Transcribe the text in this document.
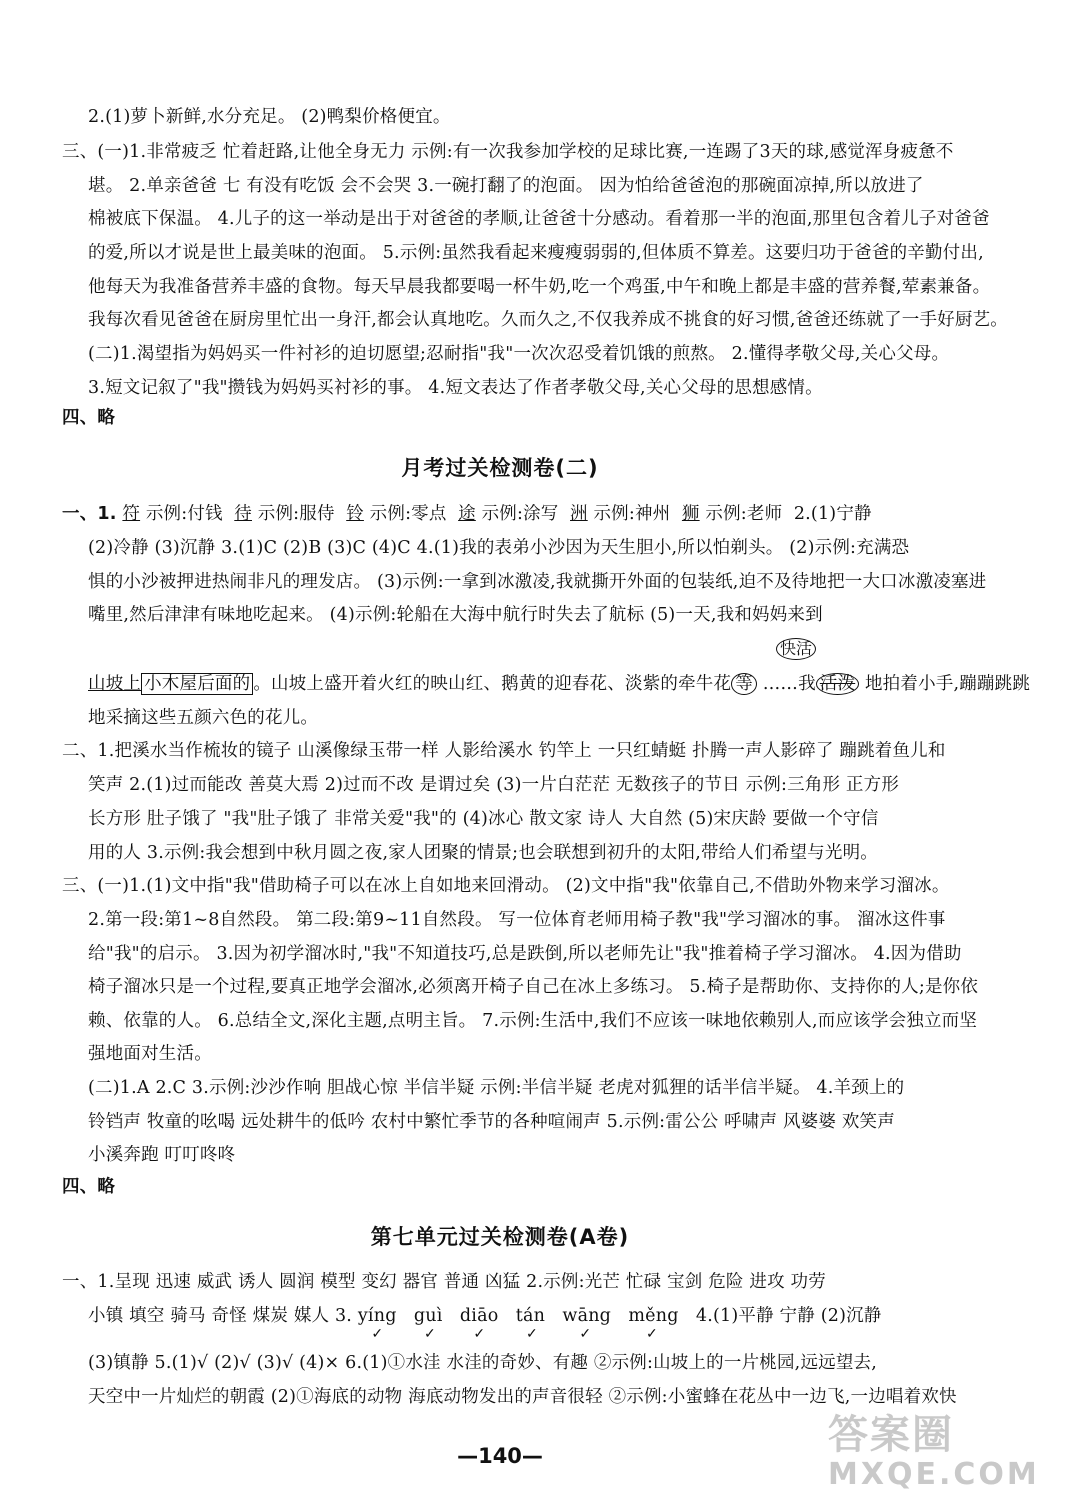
2.(1)萝卜新鲜,水分充足。 (2)鸭梨价格便宜。
三、(一)1.非常疲乏 忙着赶路,让他全身无力 示例:有一次我参加学校的足球比赛,一连踢了3天的球,感觉浑身疲惫不
堪。 2.单亲爸爸 七 有没有吃饭 会不会哭 3.一碗打翻了的泡面。 因为怕给爸爸泡的那碗面凉掉,所以放进了
棉被底下保温。 4.儿子的这一举动是出于对爸爸的孝顺,让爸爸十分感动。看着那一半的泡面,那里包含着儿子对爸爸
的爱,所以才说是世上最美味的泡面。 5.示例:虽然我看起来瘦瘦弱弱的,但体质不算差。这要归功于爸爸的辛勤付出,
他每天为我准备营养丰盛的食物。每天早晨我都要喝一杯牛奶,吃一个鸡蛋,中午和晚上都是丰盛的营养餐,荤素兼备。
我每次看见爸爸在厨房里忙出一身汗,都会认真地吃。久而久之,不仅我养成不挑食的好习惯,爸爸还练就了一手好厨艺。
(二)1.渴望指为妈妈买一件衬衫的迫切愿望;忍耐指"我"一次次忍受着饥饿的煎熬。 2.懂得孝敬父母,关心父母。
3.短文记叙了"我"攒钱为妈妈买衬衫的事。 4.短文表达了作者孝敬父母,关心父母的思想感情。
四、略
月考过关检测卷(二)
一、1. 符 示例:付钱 待 示例:服侍 铃 示例:零点 途 示例:涂写 洲 示例:神州 狮 示例:老师 2.(1)宁静
(2)冷静 (3)沉静 3.(1)C (2)B (3)C (4)C 4.(1)我的表弟小沙因为天生胆小,所以怕剃头。 (2)示例:充满恐
惧的小沙被押进热闹非凡的理发店。 (3)示例:一拿到冰激凌,我就撕开外面的包装纸,迫不及待地把一大口冰激凌塞进
嘴里,然后津津有味地吃起来。 (4)示例:轮船在大海中航行时失去了航标 (5)一天,我和妈妈来到
快活
山坡上 小木屋后面的 。山坡上盛开着火红的映山红、鹅黄的迎春花、淡紫的牵牛花 等 ……我 活泼 地拍着小手,蹦蹦跳跳
地采摘这些五颜六色的花儿。
二、1.把溪水当作梳妆的镜子 山溪像绿玉带一样 人影给溪水 钓竿上 一只红蜻蜓 扑腾一声人影碎了 蹦跳着鱼儿和
笑声 2.(1)过而能改 善莫大焉 2)过而不改 是谓过矣 (3)一片白茫茫 无数孩子的节日 示例:三角形 正方形
长方形 肚子饿了 "我"肚子饿了 非常关爱"我"的 (4)冰心 散文家 诗人 大自然 (5)宋庆龄 要做一个守信
用的人 3.示例:我会想到中秋月圆之夜,家人团聚的情景;也会联想到初升的太阳,带给人们希望与光明。
三、(一)1.(1)文中指"我"借助椅子可以在冰上自如地来回滑动。 (2)文中指"我"依靠自己,不借助外物来学习溜冰。
2.第一段:第1~8自然段。 第二段:第9~11自然段。 写一位体育老师用椅子教"我"学习溜冰的事。 溜冰这件事
给"我"的启示。 3.因为初学溜冰时,"我"不知道技巧,总是跌倒,所以老师先让"我"推着椅子学习溜冰。 4.因为借助
椅子溜冰只是一个过程,要真正地学会溜冰,必须离开椅子自己在冰上多练习。 5.椅子是帮助你、支持你的人;是你依
赖、依靠的人。 6.总结全文,深化主题,点明主旨。 7.示例:生活中,我们不应该一味地依赖别人,而应该学会独立而坚
强地面对生活。
(二)1.A 2.C 3.示例:沙沙作响 胆战心惊 半信半疑 示例:半信半疑 老虎对狐狸的话半信半疑。 4.羊颈上的
铃铛声 牧童的吆喝 远处耕牛的低吟 农村中繁忙季节的各种喧闹声 5.示例:雷公公 呼啸声 风婆婆 欢笑声
小溪奔跑 叮叮咚咚
四、略
第七单元过关检测卷(A卷)
一、1.呈现 迅速 威武 诱人 圆润 模型 变幻 器官 普通 凶猛 2.示例:光芒 忙碌 宝剑 危险 进攻 功劳
小镇 填空 骑马 奇怪 煤炭 媒人 3. yíng
✓
guì
✓
diāo
✓
tán
✓
wāng
✓
měng
✓
4.(1)平静 宁静 (2)沉静
(3)镇静 5.(1)√ (2)√ (3)√ (4)× 6.(1)①水洼 水洼的奇妙、有趣 ②示例:山坡上的一片桃园,远远望去,
天空中一片灿烂的朝霞 (2)①海底的动物 海底动物发出的声音很轻 ②示例:小蜜蜂在花丛中一边飞,一边唱着欢快
—140—	答案圈
MXQE.COM
